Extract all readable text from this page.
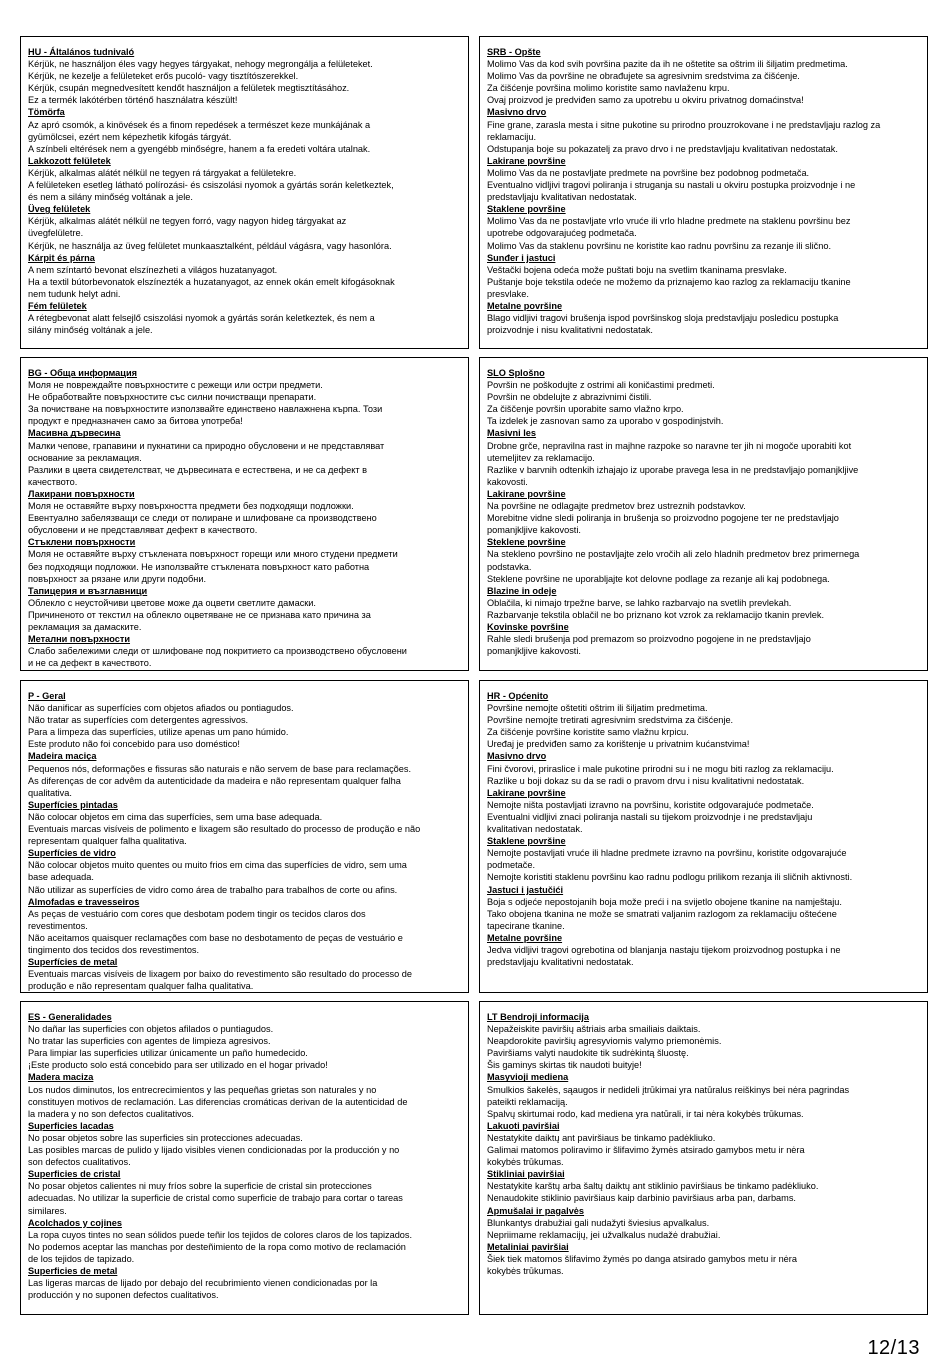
HU - Általános tudnivaló

Kérjük, ne használjon éles vagy hegyes tárgyakat, nehogy megrongálja a felületeket.

Kérjük, ne kezelje a felületeket erős pucoló- vagy tisztítószerekkel.

Kérjük, csupán megnedvesített kendőt használjon a felületek megtisztításához.

Ez a termék lakótérben történő használatra készült!

Tömörfa

Az apró csomók, a kinövések és a finom repedések a természet keze munkájának a

gyümölcsei, ezért nem képezhetik kifogás tárgyát.

A színbeli eltérések nem a gyengébb minőségre, hanem a fa eredeti voltára utalnak.

Lakkozott felületek

Kérjük, alkalmas alátét nélkül ne tegyen rá tárgyakat a felületekre.

A felületeken esetleg látható polírozási- és csiszolási nyomok a gyártás során keletkeztek,

és nem a silány minőség voltának a jele.

Üveg felületek

Kérjük, alkalmas alátét nélkül ne tegyen forró, vagy nagyon hideg tárgyakat az

üvegfelületre.

Kérjük, ne használja az üveg felületet munkaasztalként, például vágásra, vagy hasonlóra.

Kárpit és párna

A nem színtartó bevonat elszínezheti a világos huzatanyagot.

Ha a textil bútorbevonatok elszínezték a huzatanyagot, az ennek okán emelt kifogásoknak

nem tudunk helyt adni.

Fém felületek

A rétegbevonat alatt felsejlő csiszolási nyomok a gyártás során keletkeztek, és nem a

silány minőség voltának a jele.

SRB - Opšte

Molimo Vas da kod svih površina pazite da ih ne oštetite sa oštrim ili šiljatim predmetima.

Molimo Vas da površine ne obrađujete sa agresivnim sredstvima za čišćenje.

Za čišćenje površina molimo koristite samo navlaženu krpu.

Ovaj proizvod je predviđen samo za upotrebu u okviru privatnog domaćinstva!

Masivno drvo

Fine grane, zarasla mesta i sitne pukotine su prirodno prouzrokovane i ne predstavljaju razlog za

reklamaciju.

Odstupanja boje su pokazatelj za pravo drvo i ne predstavljaju kvalitativan nedostatak.

Lakirane površine

Molimo Vas da ne postavljate predmete na površine bez podobnog podmetača.

Eventualno vidljivi tragovi poliranja i struganja su nastali u okviru postupka proizvodnje i ne

predstavljaju kvalitativan nedostatak.

Staklene površine

Molimo Vas da ne postavljate vrlo vruće ili vrlo hladne predmete na staklenu površinu bez

upotrebe odgovarajućeg podmetača.

Molimo Vas da staklenu površinu ne koristite kao radnu površinu za rezanje ili slično.

Sunđer i jastuci

Veštački bojena odeća može puštati boju na svetlim tkaninama presvlake.

Puštanje boje tekstila odeće ne možemo da priznajemo kao razlog za reklamaciju tkanine

presvlake.

Metalne površine

Blago vidljivi tragovi brušenja ispod površinskog sloja predstavljaju posledicu postupka

proizvodnje i nisu kvalitativni nedostatak.

BG - Обща информация

Моля не повреждайте повърхностите с режещи или остри предмети.

Не обработвайте повърхностите със силни почистващи препарати.

За почистване на повърхностите използвайте единствено навлажнена кърпа. Този

продукт е предназначен само за битова употреба!

Масивна дървесина

Малки чепове, грапавини и пукнатини са природно обусловени и не представляват

основание за рекламация.

Разлики в цвета свидетелстват, че дървесината е естествена, и не са дефект в

качеството.

Лакирани повърхности

Моля не оставяйте върху повърхността предмети без подходящи подложки.

Евентуално забелязващи се следи от полиране и шлифоване са производствено

обусловени и не представляват дефект в качеството.

Стъклени повърхности

Моля не оставяйте върху стъклената повърхност горещи или много студени предмети

без подходящи подложки. Не използвайте стъклената повърхност като работна

повърхност за рязане или други подобни.

Тапицерия и възглавници

Облекло с неустойчиви цветове може да оцвети светлите дамаски.

Причиненото от текстил на облекло оцветяване не се признава като причина за

рекламация за дамаските.

Метални повърхности

Слабо забележими следи от шлифоване под покритието са производствено обусловени

и не са дефект в качеството.

SLO Splošno

Površin ne poškodujte z ostrimi ali koničastimi predmeti.

Površin ne obdelujte z abrazivnimi čistili.

Za čiščenje površin uporabite samo vlažno krpo.

Ta izdelek je zasnovan samo za uporabo v gospodinjstvih.

Masivni les

Drobne grče, nepravilna rast in majhne razpoke so naravne ter jih ni mogoče uporabiti kot

utemeljitev za reklamacijo.

Razlike v barvnih odtenkih izhajajo iz uporabe pravega lesa in ne predstavljajo pomanjkljive

kakovosti.

Lakirane površine

Na površine ne odlagajte predmetov brez ustreznih podstavkov.

Morebitne vidne sledi poliranja in brušenja so proizvodno pogojene ter ne predstavljajo

pomanjkljive kakovosti.

Steklene površine

Na stekleno površino ne postavljajte zelo vročih ali zelo hladnih predmetov brez primernega

podstavka.

Steklene površine ne uporabljajte kot delovne podlage za rezanje ali kaj podobnega.

Blazine in odeje

Oblačila, ki nimajo trpežne barve, se lahko razbarvajo na svetlih prevlekah.

Razbarvanje tekstila oblačil ne bo priznano kot vzrok za reklamacijo tkanin prevlek.

Kovinske površine

Rahle sledi brušenja pod premazom so proizvodno pogojene in ne predstavljajo

pomanjkljive kakovosti.

P - Geral

Não danificar as superfícies com objetos afiados ou pontiagudos.

Não tratar as superfícies com detergentes agressivos.

Para a limpeza das superfícies, utilize apenas um pano húmido.

Este produto não foi concebido para uso doméstico!

Madeira maciça

Pequenos nós, deformações e fissuras são naturais e não servem de base para reclamações.

As diferenças de cor advêm da autenticidade da madeira e não representam qualquer falha

qualitativa.

Superfícies pintadas

Não colocar objetos em cima das superfícies, sem uma base adequada.

Eventuais marcas visíveis de polimento e lixagem são resultado do processo de produção e não

representam qualquer falha qualitativa.

Superfícies de vidro

Não colocar objetos muito quentes ou muito frios em cima das superfícies de vidro, sem uma

base adequada.

Não utilizar as superfícies de vidro como área de trabalho para trabalhos de corte ou afins.

Almofadas e travesseiros

As peças de vestuário com cores que desbotam podem tingir os tecidos claros dos

revestimentos.

Não aceitamos quaisquer reclamações com base no desbotamento de peças de vestuário e

tingimento dos tecidos dos revestimentos.

Superfícies de metal

Eventuais marcas visíveis de lixagem por baixo do revestimento são resultado do processo de

produção e não representam qualquer falha qualitativa.

HR - Općenito

Površine nemojte oštetiti oštrim ili šiljatim predmetima.

Površine nemojte tretirati agresivnim sredstvima za čišćenje.

Za čišćenje površine koristite samo vlažnu krpicu.

Uređaj je predviđen samo za korištenje u privatnim kućanstvima!

Masivno drvo

Fini čvorovi, priraslice i male pukotine prirodni su i ne mogu biti razlog za reklamaciju.

Razlike u boji dokaz su da se radi o pravom drvu i nisu kvalitativni nedostatak.

Lakirane površine

Nemojte ništa postavljati izravno na površinu, koristite odgovarajuće podmetače.

Eventualni vidljivi znaci poliranja nastali su tijekom proizvodnje i ne predstavljaju

kvalitativan nedostatak.

Staklene površine

Nemojte postavljati vruće ili hladne predmete izravno na površinu, koristite odgovarajuće

podmetače.

Nemojte koristiti staklenu površinu kao radnu podlogu prilikom rezanja ili sličnih aktivnosti.

Jastuci i jastučići

Boja s odjeće nepostojanih boja može preći i na svijetlo obojene tkanine na namještaju.

Tako obojena tkanina ne može se smatrati valjanim razlogom za reklamaciju oštećene

tapecirane tkanine.

Metalne površine

Jedva vidljivi tragovi ogrebotina od blanjanja nastaju tijekom proizvodnog postupka i ne

predstavljaju kvalitativni nedostatak.

ES - Generalidades

No dañar las superficies con objetos afilados o puntiagudos.

No tratar las superficies con agentes de limpieza agresivos.

Para limpiar las superficies utilizar únicamente un paño humedecido.

¡Este producto solo está concebido para ser utilizado en el hogar privado!

Madera maciza

Los nudos diminutos, los entrecrecimientos y las pequeñas grietas son naturales y no

constituyen motivos de reclamación. Las diferencias cromáticas derivan de la autenticidad de

la madera y no son defectos cualitativos.

Superficies lacadas

No posar objetos sobre las superficies sin protecciones adecuadas.

Las posibles marcas de pulido y lijado visibles vienen condicionadas por la producción y no

son defectos cualitativos.

Superficies de cristal

No posar objetos calientes ni muy fríos sobre la superficie de cristal sin protecciones

adecuadas. No utilizar la superficie de cristal como superficie de trabajo para cortar o tareas

similares.

Acolchados y cojines

La ropa cuyos tintes no sean sólidos puede teñir los tejidos de colores claros de los tapizados.

No podemos aceptar las manchas por desteñimiento de la ropa como motivo de reclamación

de los tejidos de tapizado.

Superficies de metal

Las ligeras marcas de lijado por debajo del recubrimiento vienen condicionadas por la

producción y no suponen defectos cualitativos.

LT Bendroji informacija

Nepažeiskite paviršių aštriais arba smailiais daiktais.

Neapdorokite paviršių agresyviomis valymo priemonėmis.

Paviršiams valyti naudokite tik sudrėkintą šluostę.

Šis gaminys skirtas tik naudoti buityje!

Masyvioji mediena

Smulkios šakelės, sąaugos ir nedideli įtrūkimai yra natūralus reiškinys bei nėra pagrindas

pateikti reklamaciją.

Spalvų skirtumai rodo, kad mediena yra natūrali, ir tai nėra kokybės trūkumas.

Lakuoti paviršiai

Nestatykite daiktų ant paviršiaus be tinkamo padėkliuko.

Galimai matomos poliravimo ir šlifavimo žymės atsirado gamybos metu ir nėra

kokybės trūkumas.

Stikliniai paviršiai

Nestatykite karštų arba šaltų daiktų ant stiklinio paviršiaus be tinkamo padėkliuko.

Nenaudokite stiklinio paviršiaus kaip darbinio paviršiaus arba pan, darbams.

Apmušalai ir pagalvės

Blunkantys drabužiai gali nudažyti šviesius apvalkalus.

Nepriimame reklamacijų, jei užvalkalus nudažė drabužiai.

Metaliniai paviršiai

Šiek tiek matomos šlifavimo žymės po danga atsirado gamybos metu ir nėra

kokybės trūkumas.

12/13
